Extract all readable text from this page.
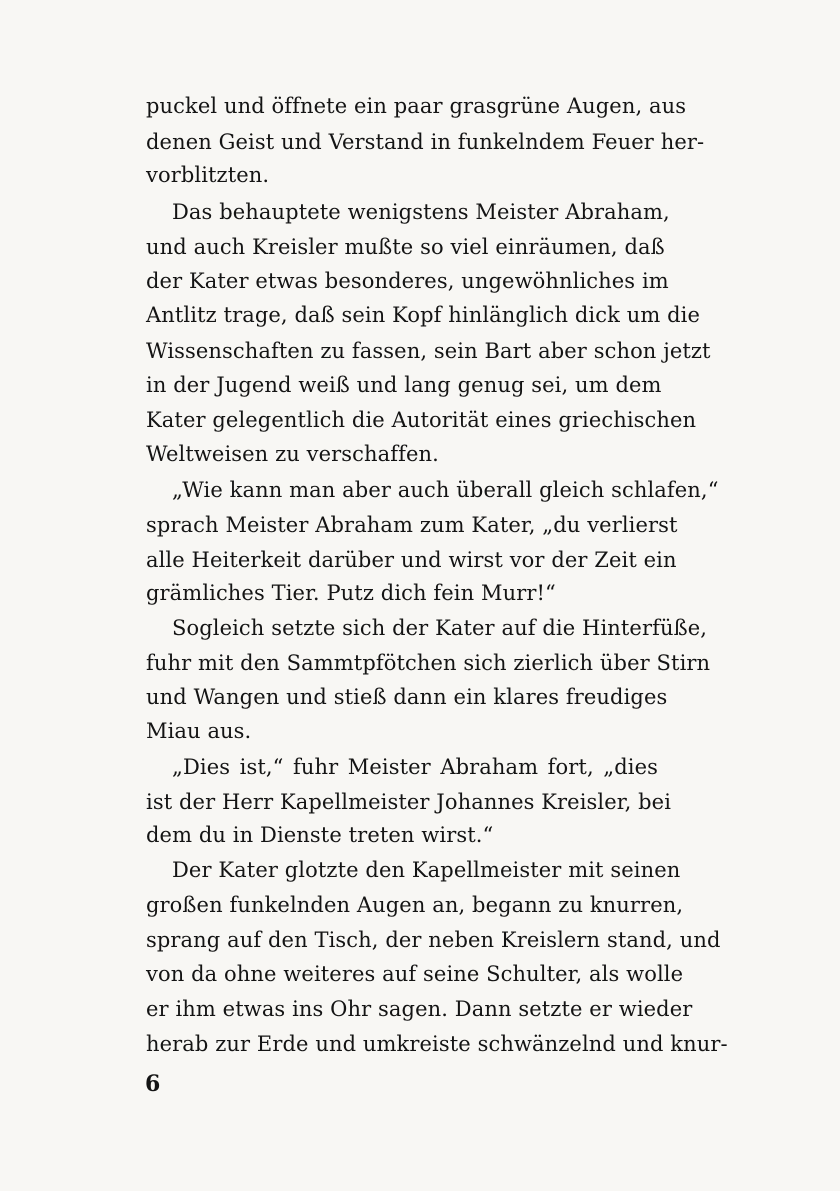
puckel und öffnete ein paar grasgrüne Augen, aus
denen Geist und Verstand in funkelndem Feuer her-
vorblitzten.
Das behauptete wenigstens Meister Abraham,
und auch Kreisler mußte so viel einräumen, daß
der Kater etwas besonderes, ungewöhnliches im
Antlitz trage, daß sein Kopf hinlänglich dick um die
Wissenschaften zu fassen, sein Bart aber schon jetzt
in der Jugend weiß und lang genug sei, um dem
Kater gelegentlich die Autorität eines griechischen
Weltweisen zu verschaffen.
„Wie kann man aber auch überall gleich schlafen,“
sprach Meister Abraham zum Kater, „du verlierst
alle Heiterkeit darüber und wirst vor der Zeit ein
grämliches Tier. Putz dich fein Murr!“
Sogleich setzte sich der Kater auf die Hinterfüße,
fuhr mit den Sammtpfötchen sich zierlich über Stirn
und Wangen und stieß dann ein klares freudiges
Miau aus.
„Dies ist,“ fuhr Meister Abraham fort, „dies
ist der Herr Kapellmeister Johannes Kreisler, bei
dem du in Dienste treten wirst.“
Der Kater glotzte den Kapellmeister mit seinen
großen funkelnden Augen an, begann zu knurren,
sprang auf den Tisch, der neben Kreislern stand, und
von da ohne weiteres auf seine Schulter, als wolle
er ihm etwas ins Ohr sagen. Dann setzte er wieder
herab zur Erde und umkreiste schwänzelnd und knur-
6
